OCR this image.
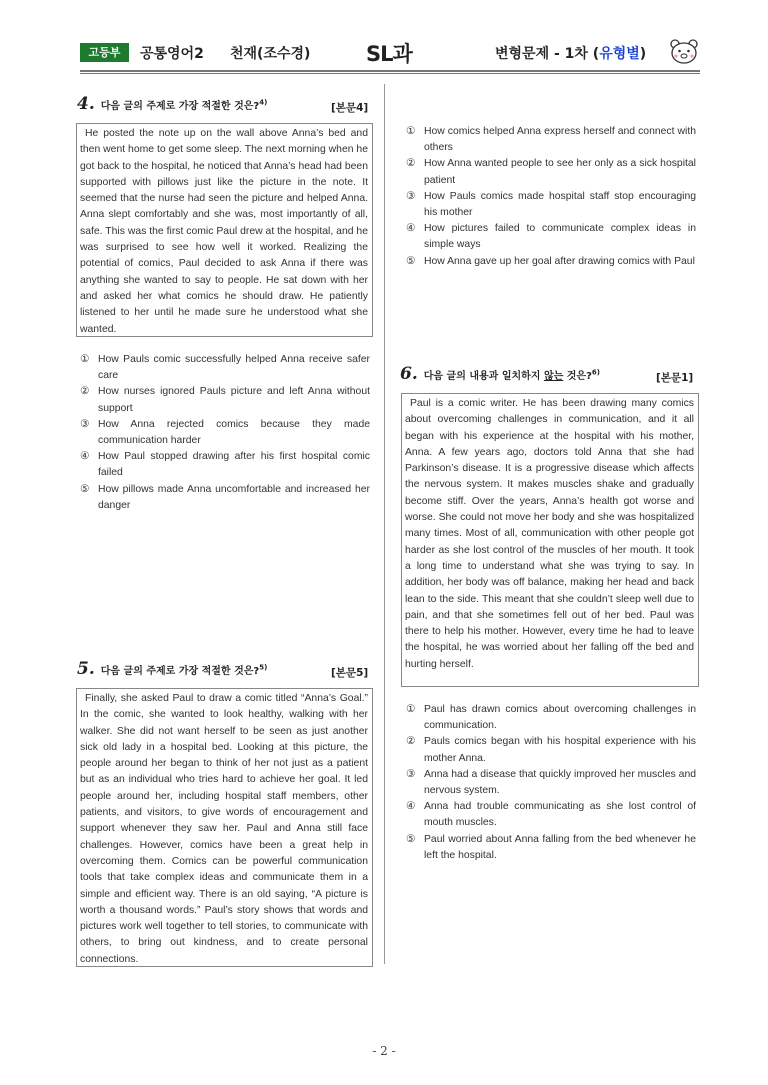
고등부	공통영어2 천재(조수경)	SL과	변형문제 - 1차 (유형별)
4. 다음 글의 주제로 가장 적절한 것은?$^{4)}$	[본문4]
He posted the note up on the wall above Anna’s bed and then went home to get some sleep. The next morning when he got back to the hospital, he noticed that Anna’s head had been supported with pillows just like the picture in the note. It seemed that the nurse had seen the picture and helped Anna. Anna slept comfortably and she was, most importantly of all, safe. This was the first comic Paul drew at the hospital, and he was surprised to see how well it worked. Realizing the potential of comics, Paul decided to ask Anna if there was anything she wanted to say to people. He sat down with her and asked her what comics he should draw. He patiently listened to her until he made sure he understood what she wanted.
① How Pauls comic successfully helped Anna receive safer care
② How nurses ignored Pauls picture and left Anna without support
③ How Anna rejected comics because they made communication harder
④ How Paul stopped drawing after his first hospital comic failed
⑤ How pillows made Anna uncomfortable and increased her danger
5. 다음 글의 주제로 가장 적절한 것은?$^{5)}$	[본문5]
Finally, she asked Paul to draw a comic titled “Anna’s Goal.” In the comic, she wanted to look healthy, walking with her walker. She did not want herself to be seen as just another sick old lady in a hospital bed. Looking at this picture, the people around her began to think of her not just as a patient but as an individual who tries hard to achieve her goal. It led people around her, including hospital staff members, other patients, and visitors, to give words of encouragement and support whenever they saw her. Paul and Anna still face challenges. However, comics have been a great help in overcoming them. Comics can be powerful communication tools that take complex ideas and communicate them in a simple and efficient way. There is an old saying, “A picture is worth a thousand words.” Paul’s story shows that words and pictures work well together to tell stories, to communicate with others, to bring out kindness, and to create personal connections.
① How comics helped Anna express herself and connect with others
② How Anna wanted people to see her only as a sick hospital patient
③ How Pauls comics made hospital staff stop encouraging his mother
④ How pictures failed to communicate complex ideas in simple ways
⑤ How Anna gave up her goal after drawing comics with Paul
6. 다음 글의 내용과 일치하지 않는 것은?$^{6)}$	[본문1]
Paul is a comic writer. He has been drawing many comics about overcoming challenges in communication, and it all began with his experience at the hospital with his mother, Anna. A few years ago, doctors told Anna that she had Parkinson’s disease. It is a progressive disease which affects the nervous system. It makes muscles shake and gradually become stiff. Over the years, Anna’s health got worse and worse. She could not move her body and she was hospitalized many times. Most of all, communication with other people got harder as she lost control of the muscles of her mouth. It took a long time to understand what she was trying to say. In addition, her body was off balance, making her head and back lean to the side. This meant that she couldn’t sleep well due to pain, and that she sometimes fell out of her bed. Paul was there to help his mother. However, every time he had to leave the hospital, he was worried about her falling off the bed and hurting herself.
① Paul has drawn comics about overcoming challenges in communication.
② Pauls comics began with his hospital experience with his mother Anna.
③ Anna had a disease that quickly improved her muscles and nervous system.
④ Anna had trouble communicating as she lost control of mouth muscles.
⑤ Paul worried about Anna falling from the bed whenever he left the hospital.
- 2 -
